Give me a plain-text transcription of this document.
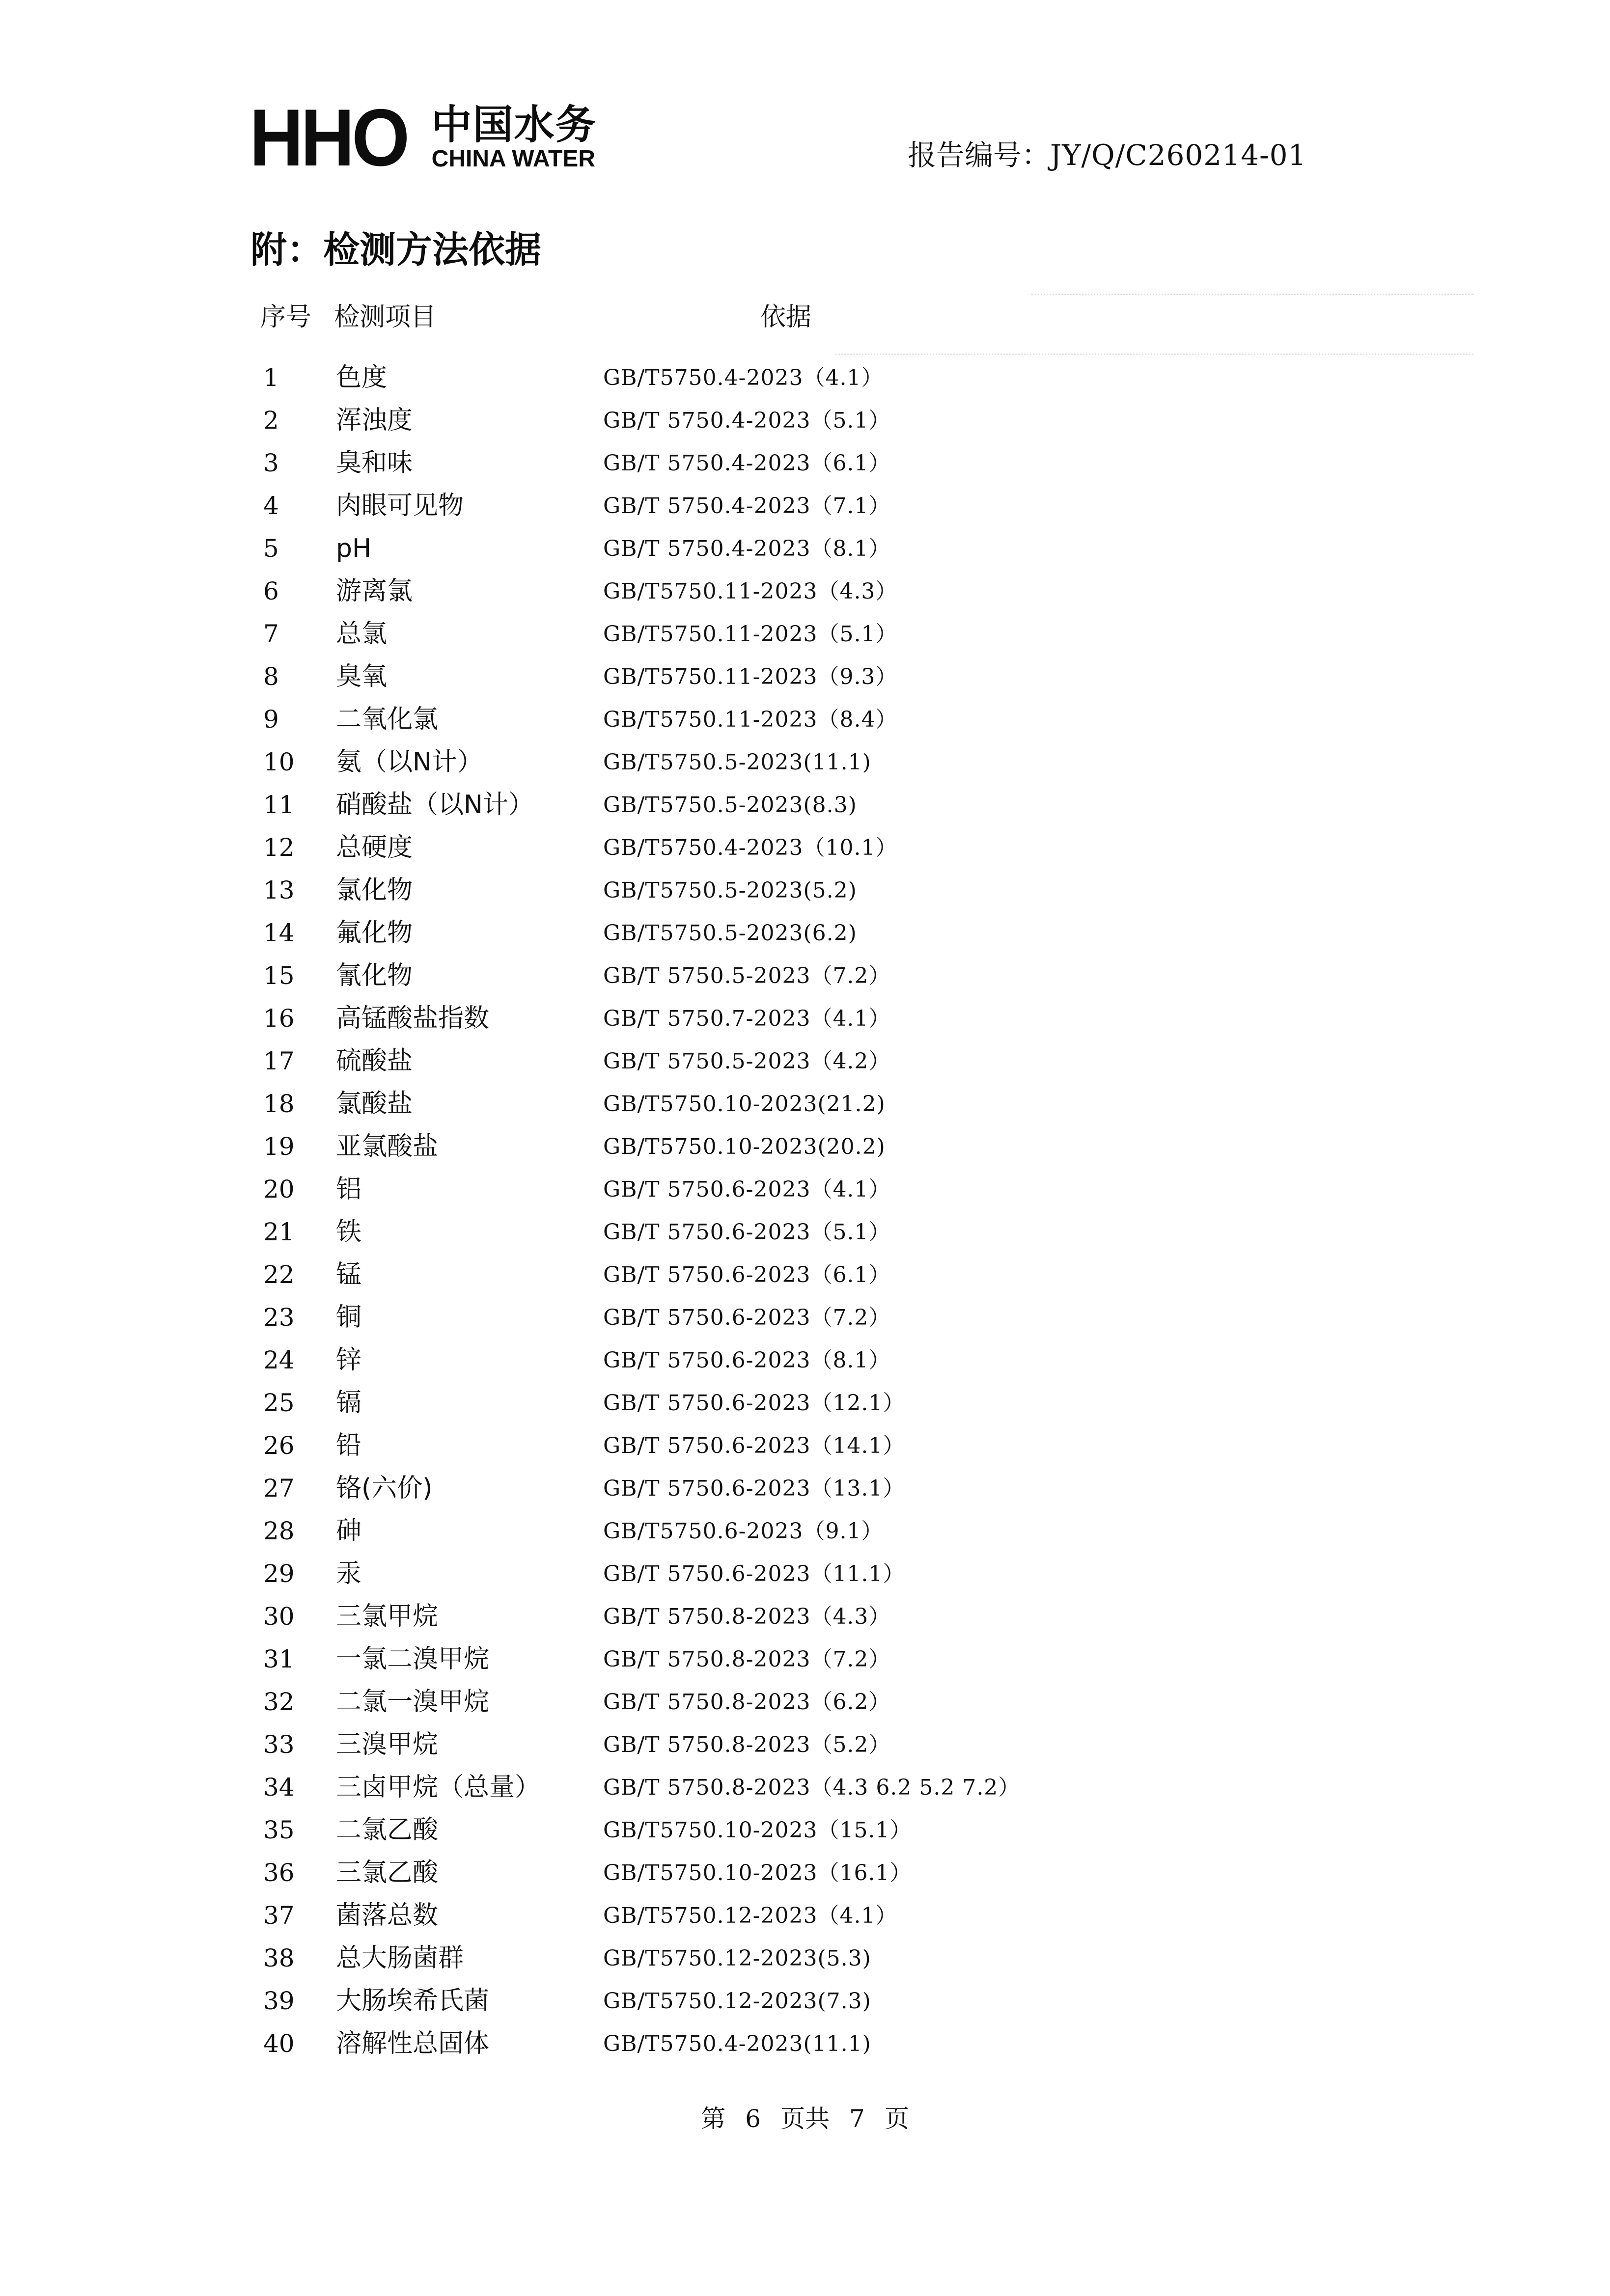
HHO 中国水务
CHINA WATER	报告编号：JY/Q/C260214-01
附：检测方法依据
序号 检测项目	依据
1 色度	GB/T5750.4-2023（4.1）
2 浑浊度	GB/T 5750.4-2023（5.1）
3 臭和味	GB/T 5750.4-2023（6.1）
4 肉眼可见物	GB/T 5750.4-2023（7.1）
5 pH	GB/T 5750.4-2023（8.1）
6 游离氯	GB/T5750.11-2023（4.3）
7 总氯	GB/T5750.11-2023（5.1）
8 臭氧	GB/T5750.11-2023（9.3）
9 二氧化氯	GB/T5750.11-2023（8.4）
10 氨（以N计）	GB/T5750.5-2023(11.1)
11 硝酸盐（以N计）	GB/T5750.5-2023(8.3)
12 总硬度	GB/T5750.4-2023（10.1）
13 氯化物	GB/T5750.5-2023(5.2)
14 氟化物	GB/T5750.5-2023(6.2)
15 氰化物	GB/T 5750.5-2023（7.2）
16 高锰酸盐指数	GB/T 5750.7-2023（4.1）
17 硫酸盐	GB/T 5750.5-2023（4.2）
18 氯酸盐	GB/T5750.10-2023(21.2)
19 亚氯酸盐	GB/T5750.10-2023(20.2)
20 铝	GB/T 5750.6-2023（4.1）
21 铁	GB/T 5750.6-2023（5.1）
22 锰	GB/T 5750.6-2023（6.1）
23 铜	GB/T 5750.6-2023（7.2）
24 锌	GB/T 5750.6-2023（8.1）
25 镉	GB/T 5750.6-2023（12.1）
26 铅	GB/T 5750.6-2023（14.1）
27 铬(六价)	GB/T 5750.6-2023（13.1）
28 砷	GB/T5750.6-2023（9.1）
29 汞	GB/T 5750.6-2023（11.1）
30 三氯甲烷	GB/T 5750.8-2023（4.3）
31 一氯二溴甲烷	GB/T 5750.8-2023（7.2）
32 二氯一溴甲烷	GB/T 5750.8-2023（6.2）
33 三溴甲烷	GB/T 5750.8-2023（5.2）
34 三卤甲烷（总量）	GB/T 5750.8-2023（4.3 6.2 5.2 7.2）
35 二氯乙酸	GB/T5750.10-2023（15.1）
36 三氯乙酸	GB/T5750.10-2023（16.1）
37 菌落总数	GB/T5750.12-2023（4.1）
38 总大肠菌群	GB/T5750.12-2023(5.3)
39 大肠埃希氏菌	GB/T5750.12-2023(7.3)
40 溶解性总固体	GB/T5750.4-2023(11.1)
第 6 页共 7 页
